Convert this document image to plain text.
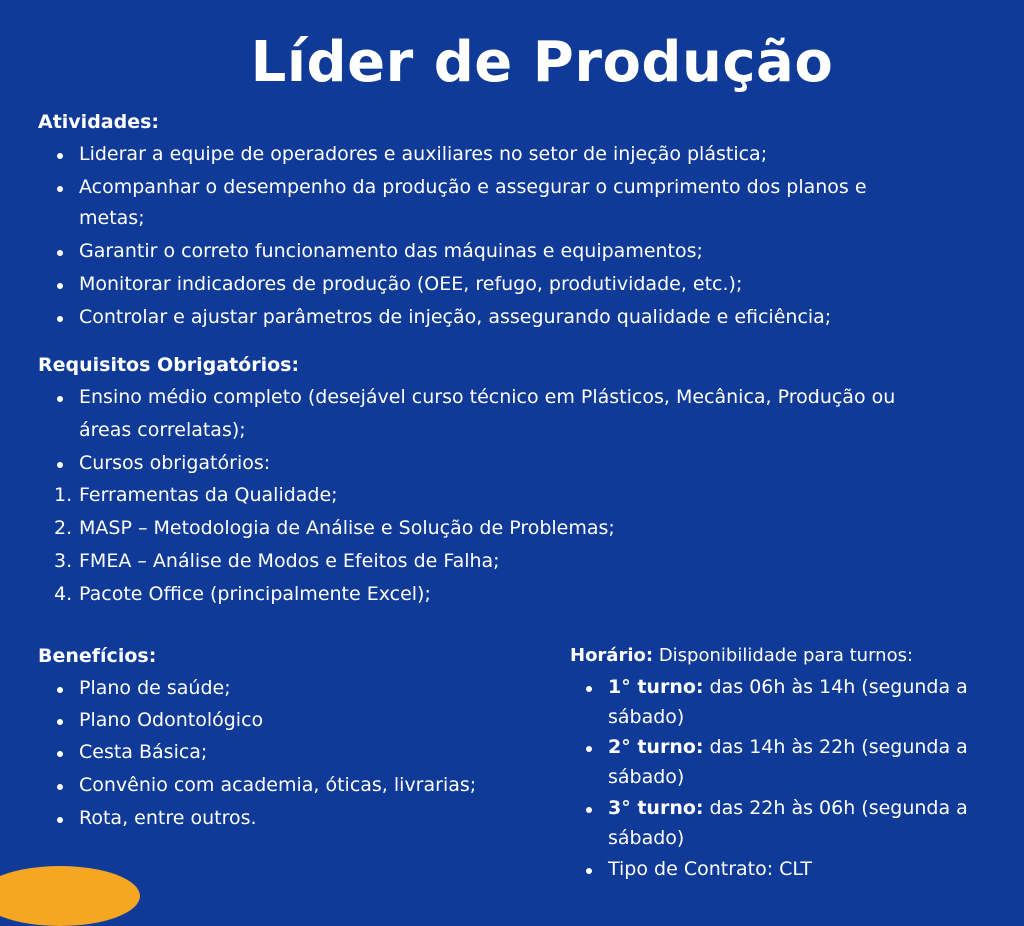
Líder de Produção
Atividades:
Liderar a equipe de operadores e auxiliares no setor de injeção plástica;
Acompanhar o desempenho da produção e assegurar o cumprimento dos planos e
metas;
Garantir o correto funcionamento das máquinas e equipamentos;
Monitorar indicadores de produção (OEE, refugo, produtividade, etc.);
Controlar e ajustar parâmetros de injeção, assegurando qualidade e eficiência;
Requisitos Obrigatórios:
Ensino médio completo (desejável curso técnico em Plásticos, Mecânica, Produção ou
áreas correlatas);
Cursos obrigatórios:
1. Ferramentas da Qualidade;
2. MASP – Metodologia de Análise e Solução de Problemas;
3. FMEA – Análise de Modos e Efeitos de Falha;
4. Pacote Office (principalmente Excel);
Benefícios:
Plano de saúde;
Plano Odontológico
Cesta Básica;
Convênio com academia, óticas, livrarias;
Rota, entre outros.
Horário: Disponibilidade para turnos:
1° turno: das 06h às 14h (segunda a
sábado)
2° turno: das 14h às 22h (segunda a
sábado)
3° turno: das 22h às 06h (segunda a
sábado)
Tipo de Contrato: CLT
